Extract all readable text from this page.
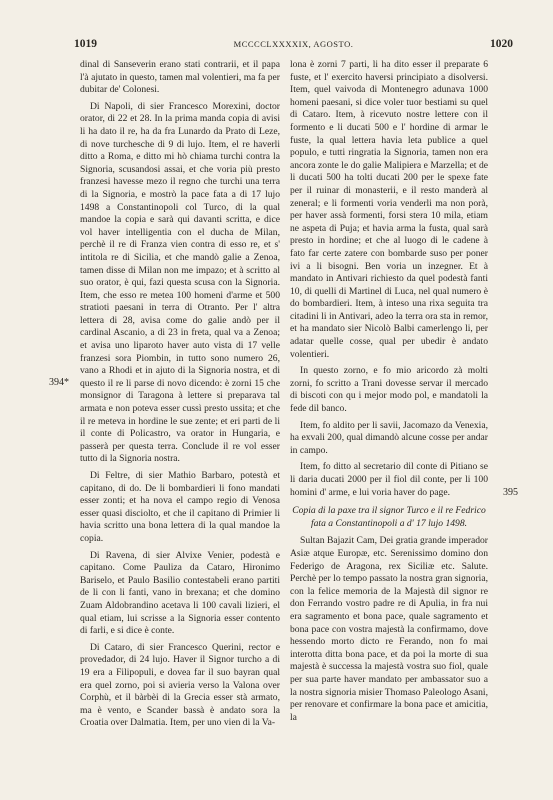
1019	MCCCCLXXXXIX, AGOSTO.	1020
394*
395

dinal di Sanseverin erano stati contrarii, et il papa l'à ajutato in questo, tamen mal volentieri, ma fa per dubitar de' Colonesi.

Di Napoli, di sier Francesco Morexini, doctor orator, di 22 et 28. In la prima manda copia di avisi li ha dato il re, ha da fra Lunardo da Prato di Leze, di nove turchesche di 9 di lujo. Item, el re haverli ditto a Roma, e ditto mi hò chiama turchi contra la Signoria, scusandosi assai, et che voria più presto franzesi havesse mezo il regno che turchi una terra di la Signoria, e mostrò la pace fata a di 17 lujo 1498 a Constantinopoli col Turco, di la qual mandoe la copia e sarà qui davanti scritta, e dice vol haver intelligentia con el ducha de Milan, perchè il re di Franza vien contra di esso re, et s' intitola re di Sicilia, et che mandò galie a Zenoa, tamen disse di Milan non me impazo; et à scritto al suo orator, è qui, fazi questa scusa con la Signoria. Item, che esso re metea 100 homeni d'arme et 500 stratioti paesani in terra di Otranto. Per l' altra lettera di 28, avisa come do galie andò per il cardinal Ascanio, a di 23 in freta, qual va a Zenoa; et avisa uno liparoto haver auto vista di 17 velle franzesi sora Piombin, in tutto sono numero 26, vano a Rhodi et in ajuto di la Signoria nostra, et di questo il re li parse di novo dicendo: è zorni 15 che monsignor di Taragona à lettere si preparava tal armata e non poteva esser cussì presto ussita; et che il re meteva in hordine le sue zente; et eri parti de li il conte di Policastro, va orator in Hungaria, e passerà per questa terra. Conclude il re vol esser tutto di la Signoria nostra.

Di Feltre, di sier Mathio Barbaro, potestà et capitano, di do. De li bombardieri li fono mandati esser zonti; et ha nova el campo regio di Venosa esser quasi disciolto, et che il capitano di Primier li havia scritto una bona lettera di la qual mandoe la copia.

Di Ravena, di sier Alvixe Venier, podestà e capitano. Come Pauliza da Cataro, Hironimo Bariselo, et Paulo Basilio contestabeli erano partiti de li con li fanti, vano in brexana; et che domino Zuam Aldobrandino acetava li 100 cavali lizieri, el qual etiam, lui scrisse a la Signoria esser contento di farli, e si dice è conte.

Di Cataro, di sier Francesco Querini, rector e provedador, di 24 lujo. Haver il Signor turcho a di 19 era a Filipopuli, e dovea far il suo bayran qual era quel zorno, poi si avieria verso la Valona over Corphù, et il bàrbèi di la Grecia esser stà armato, ma è vento, e Scander bassà è andato sora la Croatia over Dalmatia. Item, per uno vien di la Va-

lona è zorni 7 parti, li ha dito esser il preparate 6 fuste, et l' exercito haversi principiato a disolversi. Item, quel vaivoda di Montenegro adunava 1000 homeni paesani, si dice voler tuor bestiami su quel di Cataro. Item, à ricevuto nostre lettere con il formento e li ducati 500 e l' hordine di armar le fuste, la qual lettera havia leta publice a quel populo, e tutti ringratia la Signoria, tamen non era ancora zonte le do galie Malipiera e Marzella; et de li ducati 500 ha tolti ducati 200 per le spexe fate per il ruinar di monasterii, e il resto manderà al zeneral; e li formenti voria venderli ma non porà, per haver assà formenti, forsi stera 10 mila, etiam ne aspeta di Puja; et havia arma la fusta, qual sarà presto in hordine; et che al luogo di le cadene à fato far certe zatere con bombarde suso per poner ivi a li bisogni. Ben voria un inzegner. Et à mandato in Antivari richiesto da quel podestà fanti 10, di quelli di Martinel di Luca, nel qual numero è do bombardieri. Item, à inteso una rixa seguita tra citadini li in Antivari, adeo la terra ora sta in remor, et ha mandato sier Nicolò Balbi camerlengo li, per adatar quelle cosse, qual per ubedir è andato volentieri.

In questo zorno, e fo mio aricordo zà molti zorni, fo scritto a Trani dovesse servar il mercado di biscoti con qu i mejor modo pol, e mandatoli la fede dil banco.

Item, fo aldito per li savii, Jacomazo da Venexia, ha exvali 200, qual dimandò alcune cosse per andar in campo.

Item, fo ditto al secretario dil conte di Pitiano se li daria ducati 2000 per il fiol dil conte, per li 100 homini d' arme, e lui voria haver do page.

Copia di la paxe tra il signor Turco e il re Fedrico fata a Constantinopoli a d' 17 lujo 1498.

Sultan Bajazit Cam, Dei gratia grande imperador Asiæ atque Europæ, etc. Serenissimo domino don Federigo de Aragona, rex Siciliæ etc. Salute. Perchè per lo tempo passato la nostra gran signoria, con la felice memoria de la Majestà dil signor re don Ferrando vostro padre re di Apulia, in fra nui era sagramento et bona pace, quale sagramento et bona pace con vostra majestà la confirmamo, dove hessendo morto dicto re Ferando, non fo mai interotta ditta bona pace, et da poi la morte di sua majestà è successa la majestà vostra suo fiol, quale per sua parte haver mandato per ambassator suo a la nostra signoria misier Thomaso Paleologo Asani, per renovare et confirmare la bona pace et amicitia, la
